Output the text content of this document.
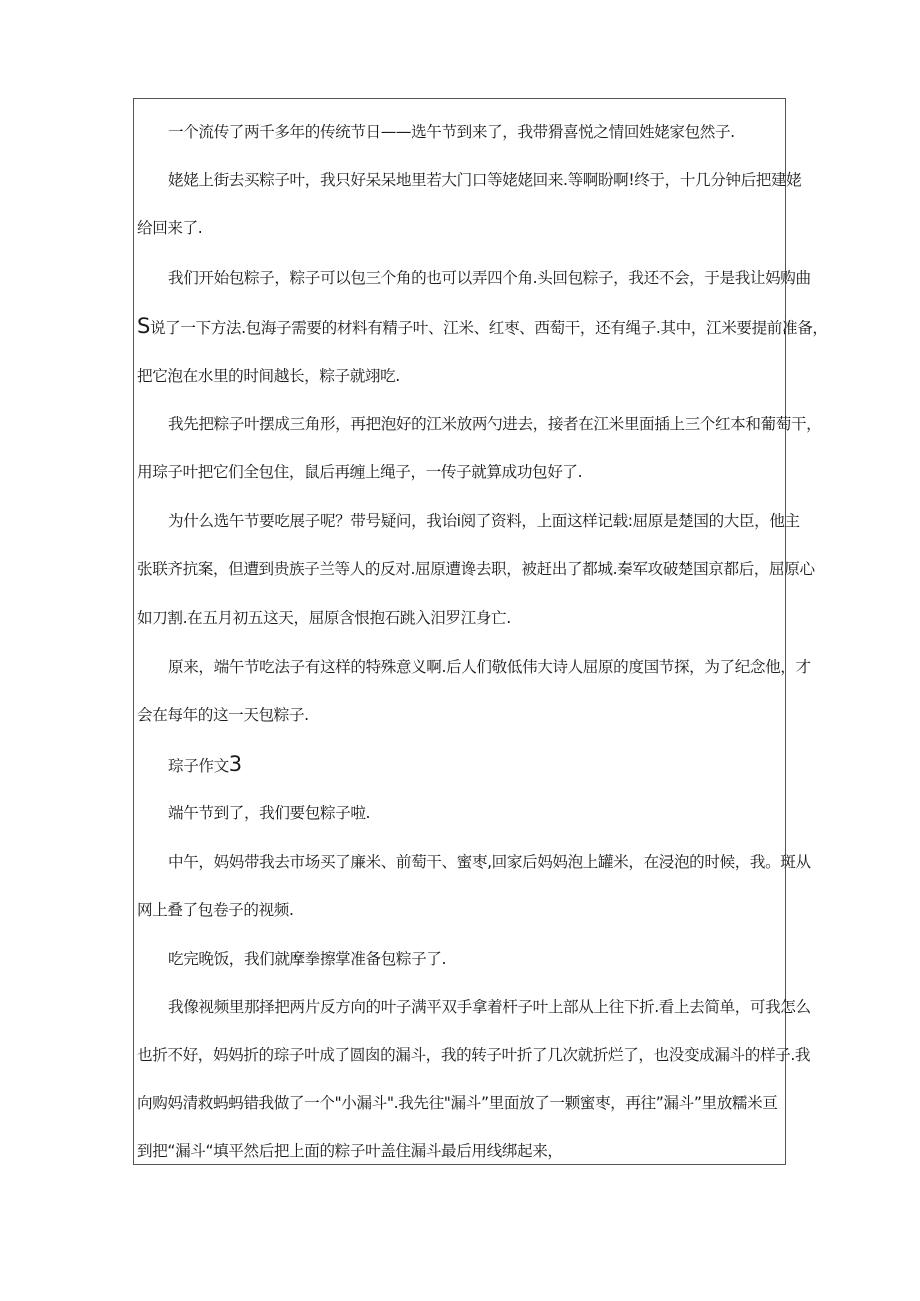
一个流传了两千多年的传统节日——选午节到来了，我带猾喜悦之情回姓姥家包然子.
姥姥上街去买粽子叶，我只好呆呆地里若大门口等姥姥回来.等啊盼啊!终于，十几分钟后把建姥
给回来了.
我们开始包粽子，粽子可以包三个角的也可以弄四个角.头回包粽子，我还不会，于是我让妈购曲
S说了一下方法.包海子需要的材料有精子叶、江米、红枣、西萄干，还有绳子.其中，江米要提前准备，
把它泡在水里的时间越长，粽子就翊吃.
我先把粽子叶摆成三角形，再把泡好的江米放两勺进去，接者在江米里面插上三个红本和葡萄干，
用琮子叶把它们全包住，鼠后再缠上绳子，一传子就算成功包好了.
为什么选午节要吃展子呢？带号疑问，我诒i阅了资料，上面这样记载:屈原是楚国的大臣，他主
张联齐抗案，但遭到贵族子兰等人的反对.屈原遭谗去职，被赶出了都城.秦军攻破楚国京都后，屈原心
如刀割.在五月初五这天，屈原含恨抱石跳入汨罗江身亡.
原来，端午节吃法子有这样的特殊意义啊.后人们敬低伟大诗人屈原的度国节探，为了纪念他，才
会在每年的这一天包粽子.
琮子作文3
端午节到了，我们要包粽子啦.
中午，妈妈带我去市场买了廉米、前萄干、蜜枣,回家后妈妈泡上罐米，在浸泡的时候，我。斑从
网上叠了包卷子的视频.
吃完晚饭，我们就摩拳擦掌准备包粽子了.
我像视频里那择把两片反方向的叶子满平双手拿着杆子叶上部从上往下折.看上去简单，可我怎么
也折不好，妈妈折的琮子叶成了圆囱的漏斗，我的转子叶折了几次就折烂了，也没变成漏斗的样子.我
向购妈清救蚂蚂错我做了一个"小漏斗".我先往"漏斗”里面放了一颗蜜枣，再往”漏斗”里放糯米亘
到把“漏斗“填平然后把上面的粽子叶盖住漏斗最后用线绑起来，
